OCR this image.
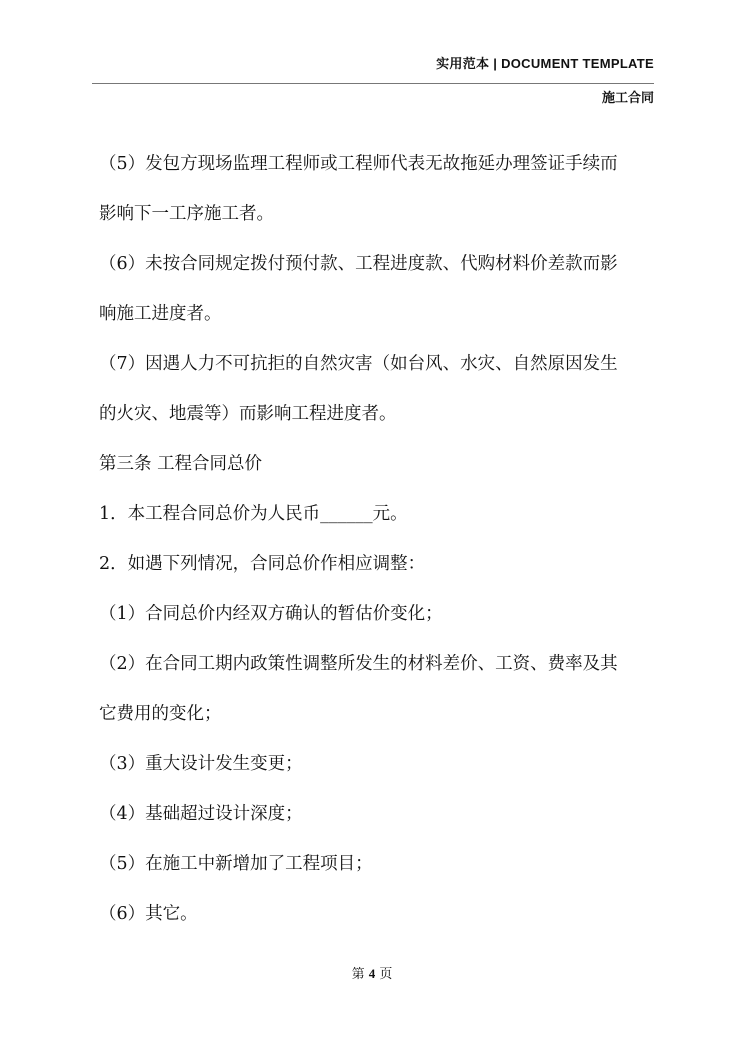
实用范本 | DOCUMENT TEMPLATE
施工合同

（5）发包方现场监理工程师或工程师代表无故拖延办理签证手续而

影响下一工序施工者。

（6）未按合同规定拨付预付款、工程进度款、代购材料价差款而影

响施工进度者。

（7）因遇人力不可抗拒的自然灾害（如台风、水灾、自然原因发生

的火灾、地震等）而影响工程进度者。

第三条 工程合同总价

1．本工程合同总价为人民币______元。

2．如遇下列情况，合同总价作相应调整：

（1）合同总价内经双方确认的暂估价变化；

（2）在合同工期内政策性调整所发生的材料差价、工资、费率及其

它费用的变化；

（3）重大设计发生变更；

（4）基础超过设计深度；

（5）在施工中新增加了工程项目；

（6）其它。

第 4 页
